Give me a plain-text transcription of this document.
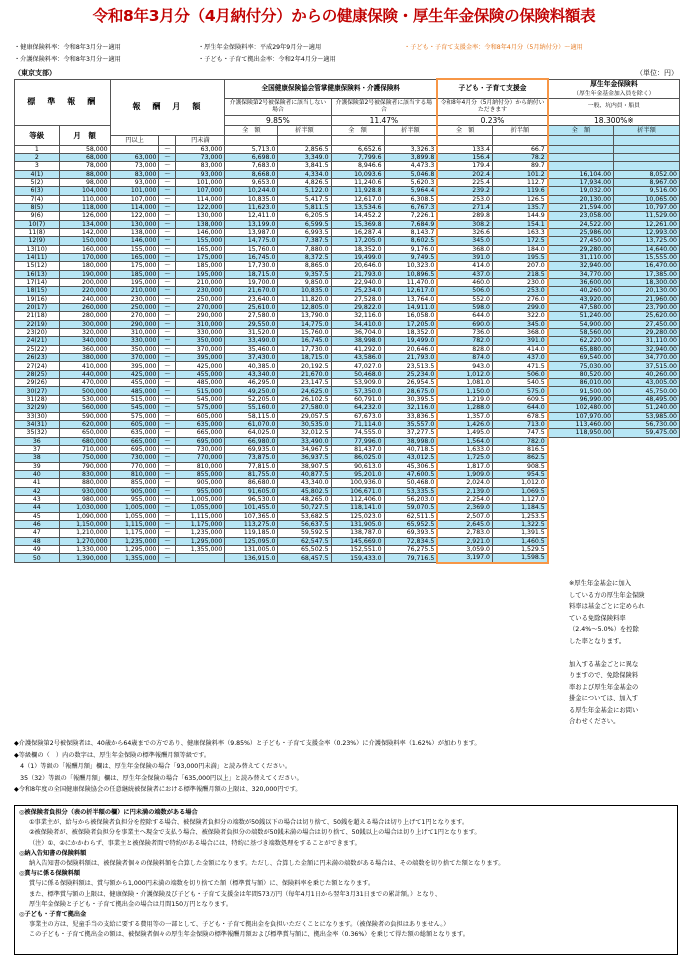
令和8年3月分（4月納付分）からの健康保険・厚生年金保険の保険料額表
・健康保険料率：令和8年3月分～適用
・介護保険料率：令和8年3月分～適用
・厚生年金保険料率：平成29年9月分～適用
・子ども・子育て拠出金率：令和2年4月分～適用
・子ども・子育て支援金率：令和8年4月分（5月納付分）～適用
（東京支部）	（単位：円）
標　準　報　酬		報　酬　月　額			全国健康保険協会管掌健康保険料・介護保険料				子ども・子育て支援金		厚生年金保険料
（厚生年金基金加入員を除く）	
					介護保険第2号被保険者に該当しない場合		介護保険第2号被保険者に該当する場合		令和8年4月分（5月納付分）から納付いただきます		一般、坑内員・船員	
					9.85%		11.47%		0.23%		18.300%※	
等級	月　額				全　額	折半額	全　額	折半額	全　額	折半額	全　額	折半額
		円以上		円未満								
1	58,000		～	63,000	5,713.0	2,856.5	6,652.6	3,326.3	133.4	66.7		
2	68,000	63,000	～	73,000	6,698.0	3,349.0	7,799.6	3,899.8	156.4	78.2		
3	78,000	73,000	～	83,000	7,683.0	3,841.5	8,946.6	4,473.3	179.4	89.7		
4(1)	88,000	83,000	～	93,000	8,668.0	4,334.0	10,093.6	5,046.8	202.4	101.2	16,104.00	8,052.00
5(2)	98,000	93,000	～	101,000	9,653.0	4,826.5	11,240.6	5,620.3	225.4	112.7	17,934.00	8,967.00
6(3)	104,000	101,000	～	107,000	10,244.0	5,122.0	11,928.8	5,964.4	239.2	119.6	19,032.00	9,516.00
7(4)	110,000	107,000	～	114,000	10,835.0	5,417.5	12,617.0	6,308.5	253.0	126.5	20,130.00	10,065.00
8(5)	118,000	114,000	～	122,000	11,623.0	5,811.5	13,534.6	6,767.3	271.4	135.7	21,594.00	10,797.00
9(6)	126,000	122,000	～	130,000	12,411.0	6,205.5	14,452.2	7,226.1	289.8	144.9	23,058.00	11,529.00
10(7)	134,000	130,000	～	138,000	13,199.0	6,599.5	15,369.8	7,684.9	308.2	154.1	24,522.00	12,261.00
11(8)	142,000	138,000	～	146,000	13,987.0	6,993.5	16,287.4	8,143.7	326.6	163.3	25,986.00	12,993.00
12(9)	150,000	146,000	～	155,000	14,775.0	7,387.5	17,205.0	8,602.5	345.0	172.5	27,450.00	13,725.00
13(10)	160,000	155,000	～	165,000	15,760.0	7,880.0	18,352.0	9,176.0	368.0	184.0	29,280.00	14,640.00
14(11)	170,000	165,000	～	175,000	16,745.0	8,372.5	19,499.0	9,749.5	391.0	195.5	31,110.00	15,555.00
15(12)	180,000	175,000	～	185,000	17,730.0	8,865.0	20,646.0	10,323.0	414.0	207.0	32,940.00	16,470.00
16(13)	190,000	185,000	～	195,000	18,715.0	9,357.5	21,793.0	10,896.5	437.0	218.5	34,770.00	17,385.00
17(14)	200,000	195,000	～	210,000	19,700.0	9,850.0	22,940.0	11,470.0	460.0	230.0	36,600.00	18,300.00
18(15)	220,000	210,000	～	230,000	21,670.0	10,835.0	25,234.0	12,617.0	506.0	253.0	40,260.00	20,130.00
19(16)	240,000	230,000	～	250,000	23,640.0	11,820.0	27,528.0	13,764.0	552.0	276.0	43,920.00	21,960.00
20(17)	260,000	250,000	～	270,000	25,610.0	12,805.0	29,822.0	14,911.0	598.0	299.0	47,580.00	23,790.00
21(18)	280,000	270,000	～	290,000	27,580.0	13,790.0	32,116.0	16,058.0	644.0	322.0	51,240.00	25,620.00
22(19)	300,000	290,000	～	310,000	29,550.0	14,775.0	34,410.0	17,205.0	690.0	345.0	54,900.00	27,450.00
23(20)	320,000	310,000	～	330,000	31,520.0	15,760.0	36,704.0	18,352.0	736.0	368.0	58,560.00	29,280.00
24(21)	340,000	330,000	～	350,000	33,490.0	16,745.0	38,998.0	19,499.0	782.0	391.0	62,220.00	31,110.00
25(22)	360,000	350,000	～	370,000	35,460.0	17,730.0	41,292.0	20,646.0	828.0	414.0	65,880.00	32,940.00
26(23)	380,000	370,000	～	395,000	37,430.0	18,715.0	43,586.0	21,793.0	874.0	437.0	69,540.00	34,770.00
27(24)	410,000	395,000	～	425,000	40,385.0	20,192.5	47,027.0	23,513.5	943.0	471.5	75,030.00	37,515.00
28(25)	440,000	425,000	～	455,000	43,340.0	21,670.0	50,468.0	25,234.0	1,012.0	506.0	80,520.00	40,260.00
29(26)	470,000	455,000	～	485,000	46,295.0	23,147.5	53,909.0	26,954.5	1,081.0	540.5	86,010.00	43,005.00
30(27)	500,000	485,000	～	515,000	49,250.0	24,625.0	57,350.0	28,675.0	1,150.0	575.0	91,500.00	45,750.00
31(28)	530,000	515,000	～	545,000	52,205.0	26,102.5	60,791.0	30,395.5	1,219.0	609.5	96,990.00	48,495.00
32(29)	560,000	545,000	～	575,000	55,160.0	27,580.0	64,232.0	32,116.0	1,288.0	644.0	102,480.00	51,240.00
33(30)	590,000	575,000	～	605,000	58,115.0	29,057.5	67,673.0	33,836.5	1,357.0	678.5	107,970.00	53,985.00
34(31)	620,000	605,000	～	635,000	61,070.0	30,535.0	71,114.0	35,557.0	1,426.0	713.0	113,460.00	56,730.00
35(32)	650,000	635,000	～	665,000	64,025.0	32,012.5	74,555.0	37,277.5	1,495.0	747.5	118,950.00	59,475.00
36	680,000	665,000	～	695,000	66,980.0	33,490.0	77,996.0	38,998.0	1,564.0	782.0		
37	710,000	695,000	～	730,000	69,935.0	34,967.5	81,437.0	40,718.5	1,633.0	816.5		
38	750,000	730,000	～	770,000	73,875.0	36,937.5	86,025.0	43,012.5	1,725.0	862.5		
39	790,000	770,000	～	810,000	77,815.0	38,907.5	90,613.0	45,306.5	1,817.0	908.5		
40	830,000	810,000	～	855,000	81,755.0	40,877.5	95,201.0	47,600.5	1,909.0	954.5		
41	880,000	855,000	～	905,000	86,680.0	43,340.0	100,936.0	50,468.0	2,024.0	1,012.0		
42	930,000	905,000	～	955,000	91,605.0	45,802.5	106,671.0	53,335.5	2,139.0	1,069.5		
43	980,000	955,000	～	1,005,000	96,530.0	48,265.0	112,406.0	56,203.0	2,254.0	1,127.0		
44	1,030,000	1,005,000	～	1,055,000	101,455.0	50,727.5	118,141.0	59,070.5	2,369.0	1,184.5		
45	1,090,000	1,055,000	～	1,115,000	107,365.0	53,682.5	125,023.0	62,511.5	2,507.0	1,253.5		
46	1,150,000	1,115,000	～	1,175,000	113,275.0	56,637.5	131,905.0	65,952.5	2,645.0	1,322.5		
47	1,210,000	1,175,000	～	1,235,000	119,185.0	59,592.5	138,787.0	69,393.5	2,783.0	1,391.5		
48	1,270,000	1,235,000	～	1,295,000	125,095.0	62,547.5	145,669.0	72,834.5	2,921.0	1,460.5		
49	1,330,000	1,295,000	～	1,355,000	131,005.0	65,502.5	152,551.0	76,275.5	3,059.0	1,529.5		
50	1,390,000	1,355,000	～		136,915.0	68,457.5	159,433.0	79,716.5	3,197.0	1,598.5		
※厚生年金基金に加入
している方の厚生年金保険
料率は基金ごとに定められ
ている免除保険料率
（2.4%～5.0%）を控除
した率となります。

加入する基金ごとに異な
りますので、免除保険料
率および厚生年金基金の
掛金については、加入す
る厚生年金基金にお問い
合わせください。

◆介護保険第2号被保険者は、40歳から64歳までの方であり、健康保険料率（9.85%）と子ども・子育て支援金率（0.23%）に介護保険料率（1.62%）が加わります。

◆等級欄の（　）内の数字は、厚生年金保険の標準報酬月額等級です。

　4（1）等級の「報酬月額」欄は、厚生年金保険の場合「93,000円未満」と読み替えてください。

　35（32）等級の「報酬月額」欄は、厚生年金保険の場合「635,000円以上」と読み替えてください。

◆令和8年度の全国健康保険協会の任意継続被保険者における標準報酬月額の上限は、320,000円です。

◎被保険者負担分（表の折半額の欄）に円未満の端数がある場合

①事業主が、給与から被保険者負担分を控除する場合、被保険者負担分の端数が50銭以下の場合は切り捨て、50銭を超える場合は切り上げて1円となります。

②被保険者が、被保険者負担分を事業主へ現金で支払う場合、被保険者負担分の端数が50銭未満の場合は切り捨て、50銭以上の場合は切り上げて1円となります。

（注）①、②にかかわらず、事業主と被保険者間で特約がある場合には、特約に基づき端数処理をすることができます。

◎納入告知書の保険料額

納入告知書の保険料額は、被保険者個々の保険料額を合算した金額になります。ただし、合算した金額に円未満の端数がある場合は、その端数を切り捨てた額となります。

◎賞与に係る保険料額

賞与に係る保険料額は、賞与額から1,000円未満の端数を切り捨てた額（標準賞与額）に、保険料率を乗じた額となります。

また、標準賞与額の上限は、健康保険・介護保険及び子ども・子育て支援金は年間573万円（毎年4月1日から翌年3月31日までの累計額。）となり、

厚生年金保険と子ども・子育て拠出金の場合は月間150万円となります。

◎子ども・子育て拠出金

事業主の方は、児童手当の支給に要する費用等の一部として、子ども・子育て拠出金を負担いただくことになります。（被保険者の負担はありません。）

この子ども・子育て拠出金の額は、被保険者個々の厚生年金保険の標準報酬月額および標準賞与額に、拠出金率（0.36%）を乗じて得た額の総額となります。
